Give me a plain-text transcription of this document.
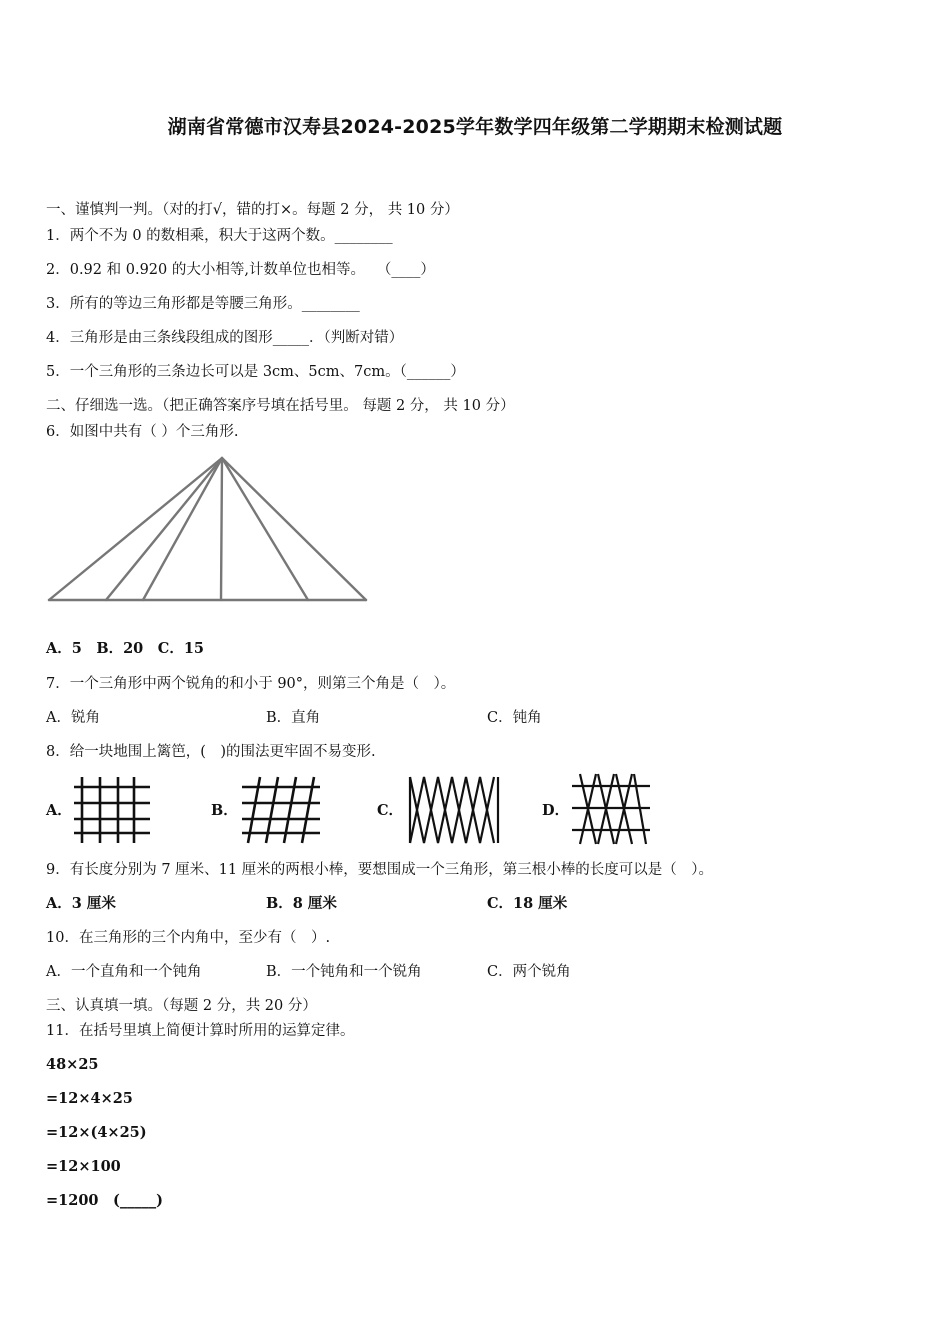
湖南省常德市汉寿县2024-2025学年数学四年级第二学期期末检测试题
一、谨慎判一判。（对的打√，错的打×。每题 2 分， 共 10 分）
1．两个不为 0 的数相乘，积大于这两个数。________
2．0.92 和 0.920 的大小相等,计数单位也相等。　 （____）
3．所有的等边三角形都是等腰三角形。________
4．三角形是由三条线段组成的图形_____．（判断对错）
5．一个三角形的三条边长可以是 3cm、5cm、7cm。（______）
二、仔细选一选。（把正确答案序号填在括号里。 每题 2 分， 共 10 分）
6．如图中共有（ ）个三角形.
A．5　B．20　C．15
7．一个三角形中两个锐角的和小于 90°，则第三个角是（　）。
A．锐角	B．直角	C．钝角
8．给一块地围上篱笆，(　)的围法更牢固不易变形.
A．	B．	C．	D．
9．有长度分别为 7 厘米、11 厘米的两根小棒，要想围成一个三角形，第三根小棒的长度可以是（　）。
A．3 厘米	B．8 厘米	C．18 厘米
10．在三角形的三个内角中，至少有（　）.
A．一个直角和一个钝角	B．一个钝角和一个锐角	C．两个锐角
三、认真填一填。（每题 2 分，共 20 分）
11．在括号里填上简便计算时所用的运算定律。
48×25
=12×4×25
=12×(4×25)
=12×100
=1200　(_____)
